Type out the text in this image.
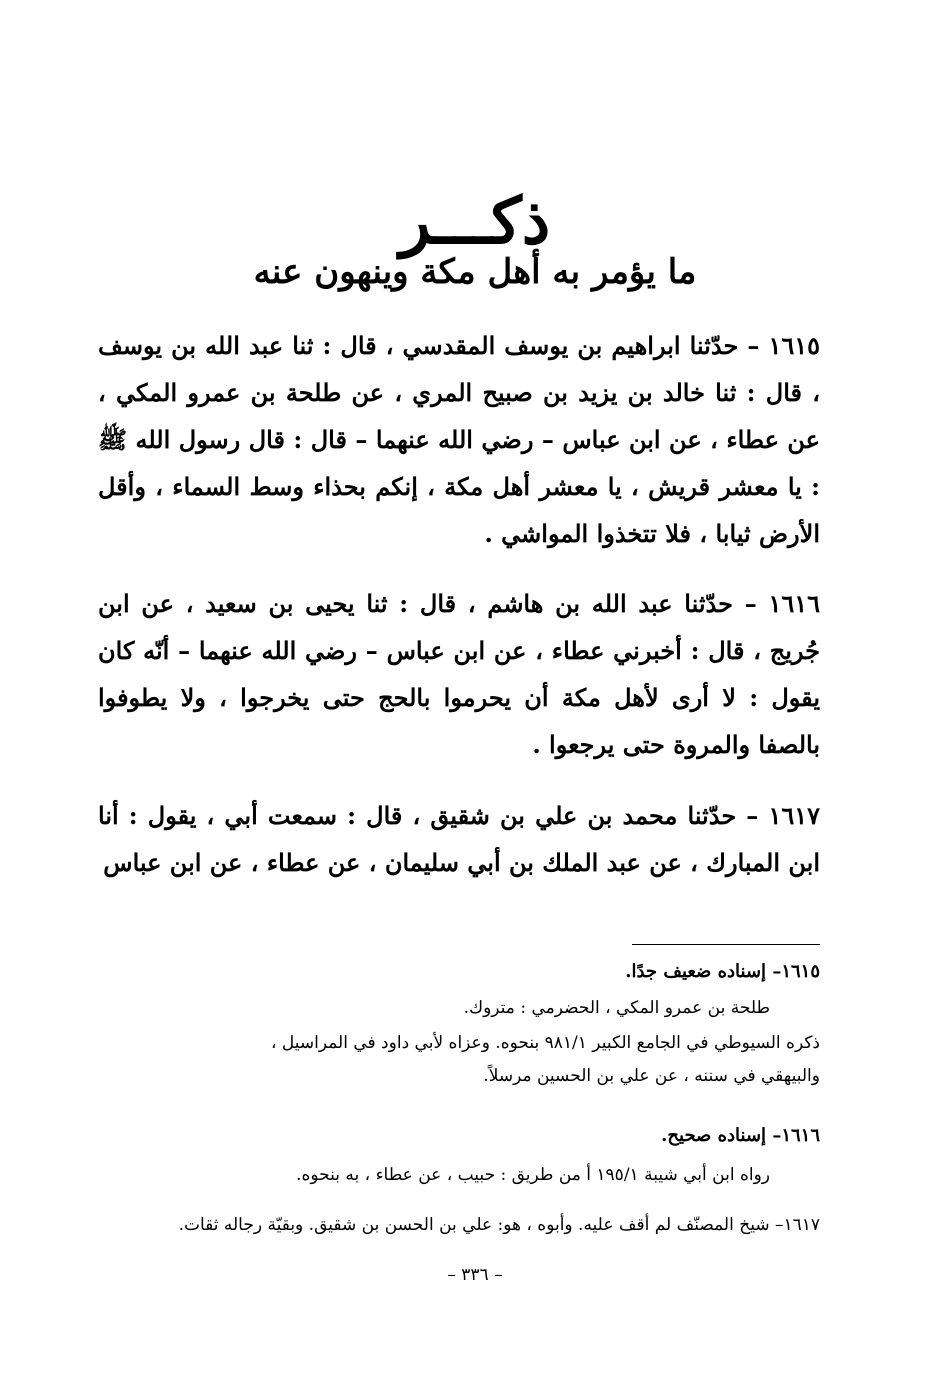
ذكـــر
ما يؤمر به أهل مكة وينهون عنه
١٦١٥ – حدّثنا ابراهيم بن يوسف المقدسي ، قال : ثنا عبد الله بن يوسف ، قال : ثنا خالد بن يزيد بن صبيح المري ، عن طلحة بن عمرو المكي ، عن عطاء ، عن ابن عباس – رضي الله عنهما – قال : قال رسول الله ﷺ : يا معشر قريش ، يا معشر أهل مكة ، إنكم بحذاء وسط السماء ، وأقل الأرض ثيابا ، فلا تتخذوا المواشي .
١٦١٦ – حدّثنا عبد الله بن هاشم ، قال : ثنا يحيى بن سعيد ، عن ابن جُريج ، قال : أخبرني عطاء ، عن ابن عباس – رضي الله عنهما – أنّه كان يقول : لا أرى لأهل مكة أن يحرموا بالحج حتى يخرجوا ، ولا يطوفوا بالصفا والمروة حتى يرجعوا .
١٦١٧ – حدّثنا محمد بن علي بن شقيق ، قال : سمعت أبي ، يقول : أنا ابن المبارك ، عن عبد الملك بن أبي سليمان ، عن عطاء ، عن ابن عباس
١٦١٥– إسناده ضعيف جدًا.
طلحة بن عمرو المكي ، الحضرمي : متروك.
ذكره السيوطي في الجامع الكبير ٩٨١/١ بنحوه. وعزاه لأبي داود في المراسيل ،
والبيهقي في سننه ، عن علي بن الحسين مرسلاً.
١٦١٦– إسناده صحيح.
رواه ابن أبي شيبة ١٩٥/١ أ من طريق : حبيب ، عن عطاء ، به بنحوه.
١٦١٧– شيخ المصنّف لم أقف عليه. وأبوه ، هو: علي بن الحسن بن شقيق. وبقيّة رجاله ثقات.
– ٣٣٦ –
